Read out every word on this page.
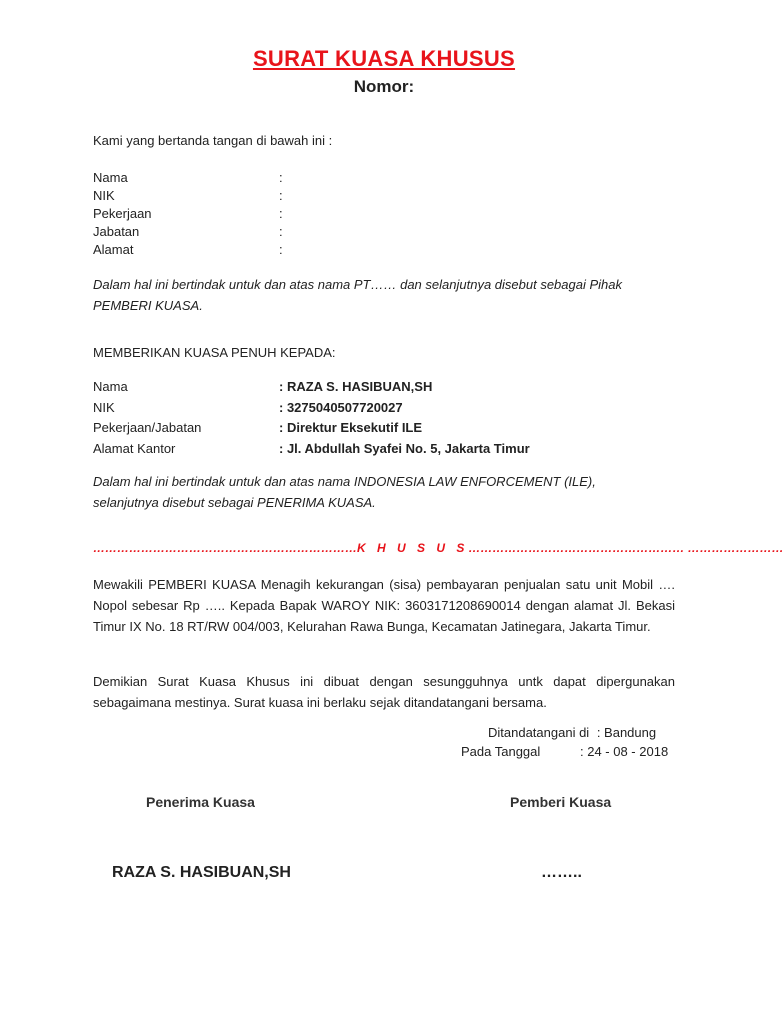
SURAT KUASA KHUSUS
Nomor:
Kami yang bertanda tangan di bawah ini :
Nama	:
NIK	:
Pekerjaan	:
Jabatan	:
Alamat	:
Dalam hal ini bertindak untuk dan atas nama PT…… dan selanjutnya disebut sebagai Pihak PEMBERI KUASA.
MEMBERIKAN KUASA PENUH KEPADA:
Nama	: RAZA S. HASIBUAN,SH
NIK	: 3275040507720027
Pekerjaan/Jabatan	: Direktur Eksekutif ILE
Alamat Kantor	: Jl. Abdullah Syafei No. 5, Jakarta Timur
Dalam hal ini bertindak untuk dan atas nama INDONESIA LAW ENFORCEMENT (ILE), selanjutnya disebut sebagai PENERIMA KUASA.
…………………………………………………………K H U S U S……………………………………………… ……………………
Mewakili PEMBERI KUASA Menagih kekurangan (sisa) pembayaran penjualan satu unit Mobil …. Nopol sebesar Rp ….. Kepada Bapak WAROY NIK: 3603171208690014 dengan alamat Jl. Bekasi Timur IX No. 18 RT/RW 004/003, Kelurahan Rawa Bunga, Kecamatan Jatinegara, Jakarta Timur.
Demikian Surat Kuasa Khusus ini dibuat dengan sesungguhnya untk dapat dipergunakan sebagaimana mestinya. Surat kuasa ini berlaku sejak ditandatangani bersama.
Ditandatangani di : Bandung
Pada Tanggal	: 24 - 08 - 2018
Penerima Kuasa	Pemberi Kuasa
RAZA S. HASIBUAN,SH	……..
